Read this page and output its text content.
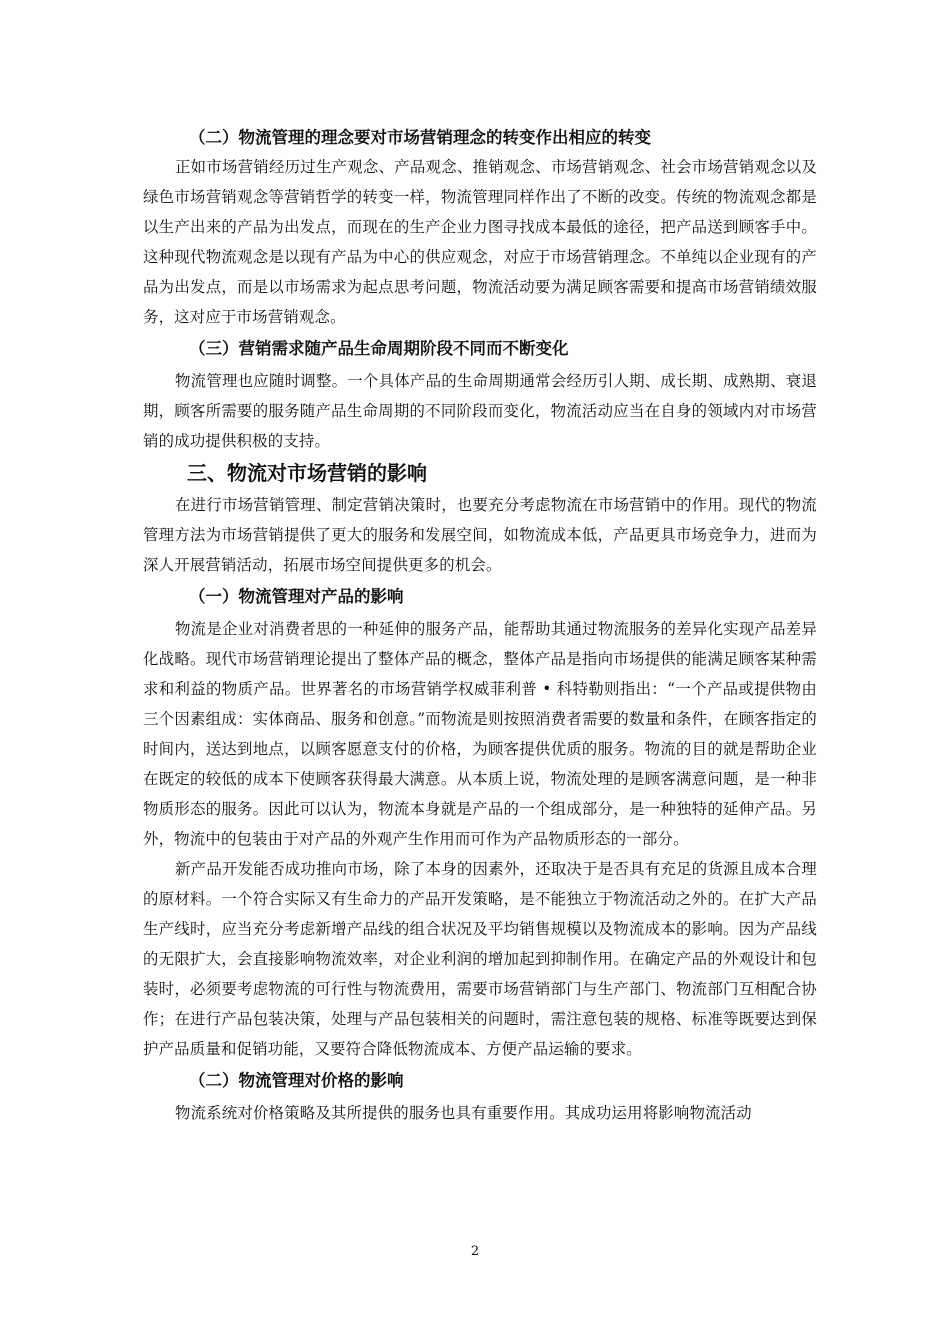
（二）物流管理的理念要对市场营销理念的转变作出相应的转变

正如市场营销经历过生产观念、产品观念、推销观念、市场营销观念、社会市场营销观念以及绿色市场营销观念等营销哲学的转变一样，物流管理同样作出了不断的改变。传统的物流观念都是以生产出来的产品为出发点，而现在的生产企业力图寻找成本最低的途径，把产品送到顾客手中。这种现代物流观念是以现有产品为中心的供应观念，对应于市场营销理念。不单纯以企业现有的产品为出发点，而是以市场需求为起点思考问题，物流活动要为满足顾客需要和提高市场营销绩效服务，这对应于市场营销观念。

（三）营销需求随产品生命周期阶段不同而不断变化

物流管理也应随时调整。一个具体产品的生命周期通常会经历引人期、成长期、成熟期、衰退期，顾客所需要的服务随产品生命周期的不同阶段而变化，物流活动应当在自身的领域内对市场营销的成功提供积极的支持。

三、物流对市场营销的影响

在进行市场营销管理、制定营销决策时，也要充分考虑物流在市场营销中的作用。现代的物流管理方法为市场营销提供了更大的服务和发展空间，如物流成本低，产品更具市场竞争力，进而为深人开展营销活动，拓展市场空间提供更多的机会。

（一）物流管理对产品的影响

物流是企业对消费者思的一种延伸的服务产品，能帮助其通过物流服务的差异化实现产品差异化战略。现代市场营销理论提出了整体产品的概念，整体产品是指向市场提供的能满足顾客某种需求和利益的物质产品。世界著名的市场营销学权威菲利普 • 科特勒则指出：“一个产品或提供物由三个因素组成：实体商品、服务和创意。”而物流是则按照消费者需要的数量和条件，在顾客指定的时间内，送达到地点，以顾客愿意支付的价格，为顾客提供优质的服务。物流的目的就是帮助企业在既定的较低的成本下使顾客获得最大满意。从本质上说，物流处理的是顾客满意问题，是一种非物质形态的服务。因此可以认为，物流本身就是产品的一个组成部分，是一种独特的延伸产品。另外，物流中的包装由于对产品的外观产生作用而可作为产品物质形态的一部分。

新产品开发能否成功推向市场，除了本身的因素外，还取决于是否具有充足的货源且成本合理的原材料。一个符合实际又有生命力的产品开发策略，是不能独立于物流活动之外的。在扩大产品生产线时，应当充分考虑新增产品线的组合状况及平均销售规模以及物流成本的影响。因为产品线的无限扩大，会直接影响物流效率，对企业利润的增加起到抑制作用。在确定产品的外观设计和包装时，必须要考虑物流的可行性与物流费用，需要市场营销部门与生产部门、物流部门互相配合协作；在进行产品包装决策，处理与产品包装相关的问题时，需注意包装的规格、标准等既要达到保护产品质量和促销功能，又要符合降低物流成本、方便产品运输的要求。

（二）物流管理对价格的影响

物流系统对价格策略及其所提供的服务也具有重要作用。其成功运用将影响物流活动

2
